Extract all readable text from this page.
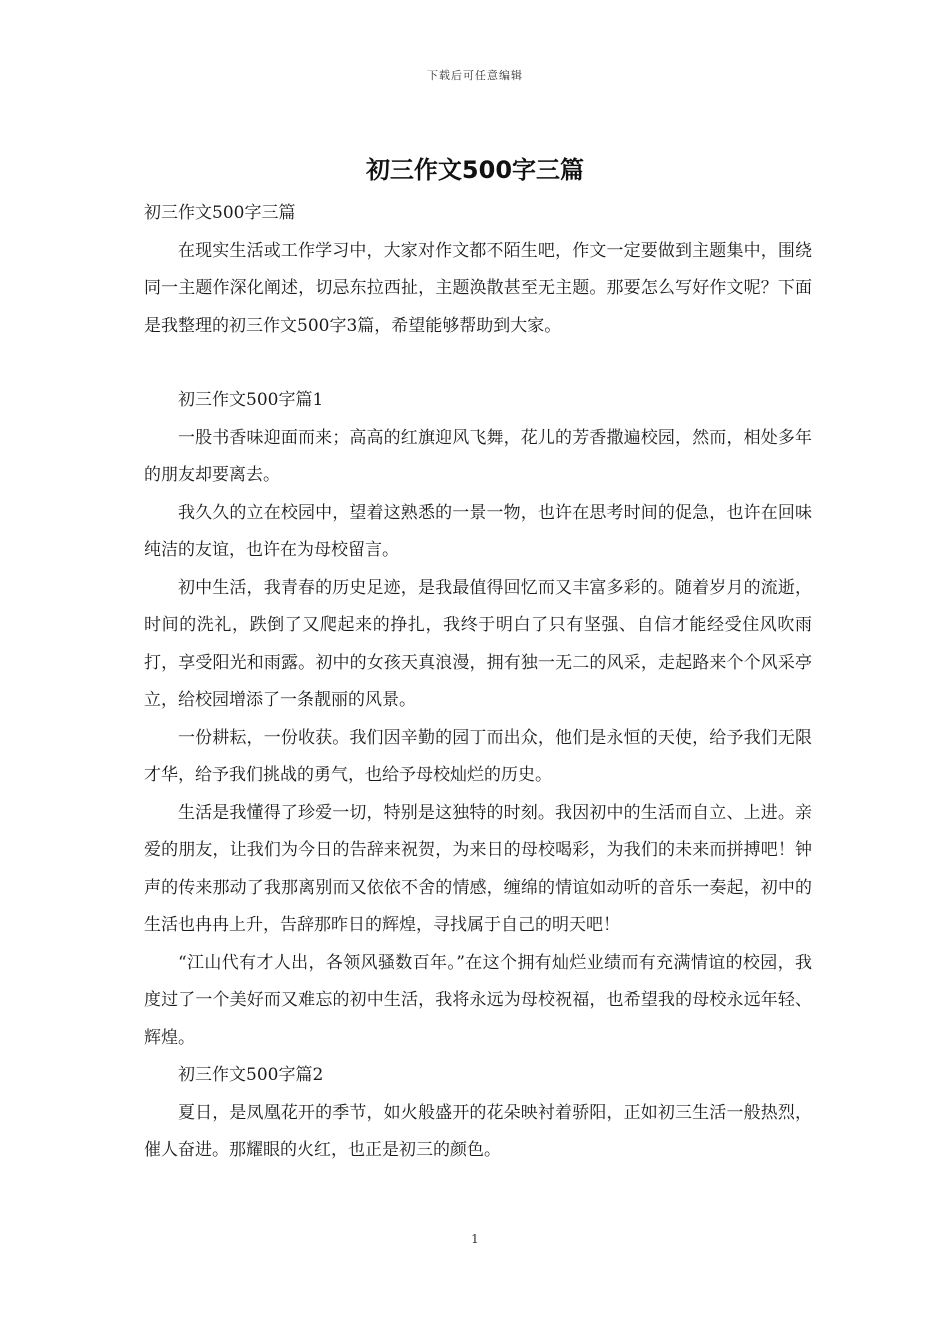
下载后可任意编辑
初三作文500字三篇

初三作文500字三篇

在现实生活或工作学习中，大家对作文都不陌生吧，作文一定要做到主题集中，围绕同一主题作深化阐述，切忌东拉西扯，主题涣散甚至无主题。那要怎么写好作文呢？下面是我整理的初三作文500字3篇，希望能够帮助到大家。

初三作文500字篇1

一股书香味迎面而来；高高的红旗迎风飞舞，花儿的芳香撒遍校园，然而，相处多年的朋友却要离去。

我久久的立在校园中，望着这熟悉的一景一物，也许在思考时间的促急，也许在回味纯洁的友谊，也许在为母校留言。

初中生活，我青春的历史足迹，是我最值得回忆而又丰富多彩的。随着岁月的流逝，时间的洗礼，跌倒了又爬起来的挣扎，我终于明白了只有坚强、自信才能经受住风吹雨打，享受阳光和雨露。初中的女孩天真浪漫，拥有独一无二的风采，走起路来个个风采亭立，给校园增添了一条靓丽的风景。

一份耕耘，一份收获。我们因辛勤的园丁而出众，他们是永恒的天使，给予我们无限才华，给予我们挑战的勇气，也给予母校灿烂的历史。

生活是我懂得了珍爱一切，特别是这独特的时刻。我因初中的生活而自立、上进。亲爱的朋友，让我们为今日的告辞来祝贺，为来日的母校喝彩，为我们的未来而拼搏吧！钟声的传来那动了我那离别而又依依不舍的情感，缠绵的情谊如动听的音乐一奏起，初中的生活也冉冉上升，告辞那昨日的辉煌，寻找属于自己的明天吧！

“江山代有才人出，各领风骚数百年。”在这个拥有灿烂业绩而有充满情谊的校园，我度过了一个美好而又难忘的初中生活，我将永远为母校祝福，也希望我的母校永远年轻、辉煌。

初三作文500字篇2

夏日，是凤凰花开的季节，如火般盛开的花朵映衬着骄阳，正如初三生活一般热烈，催人奋进。那耀眼的火红，也正是初三的颜色。

1
